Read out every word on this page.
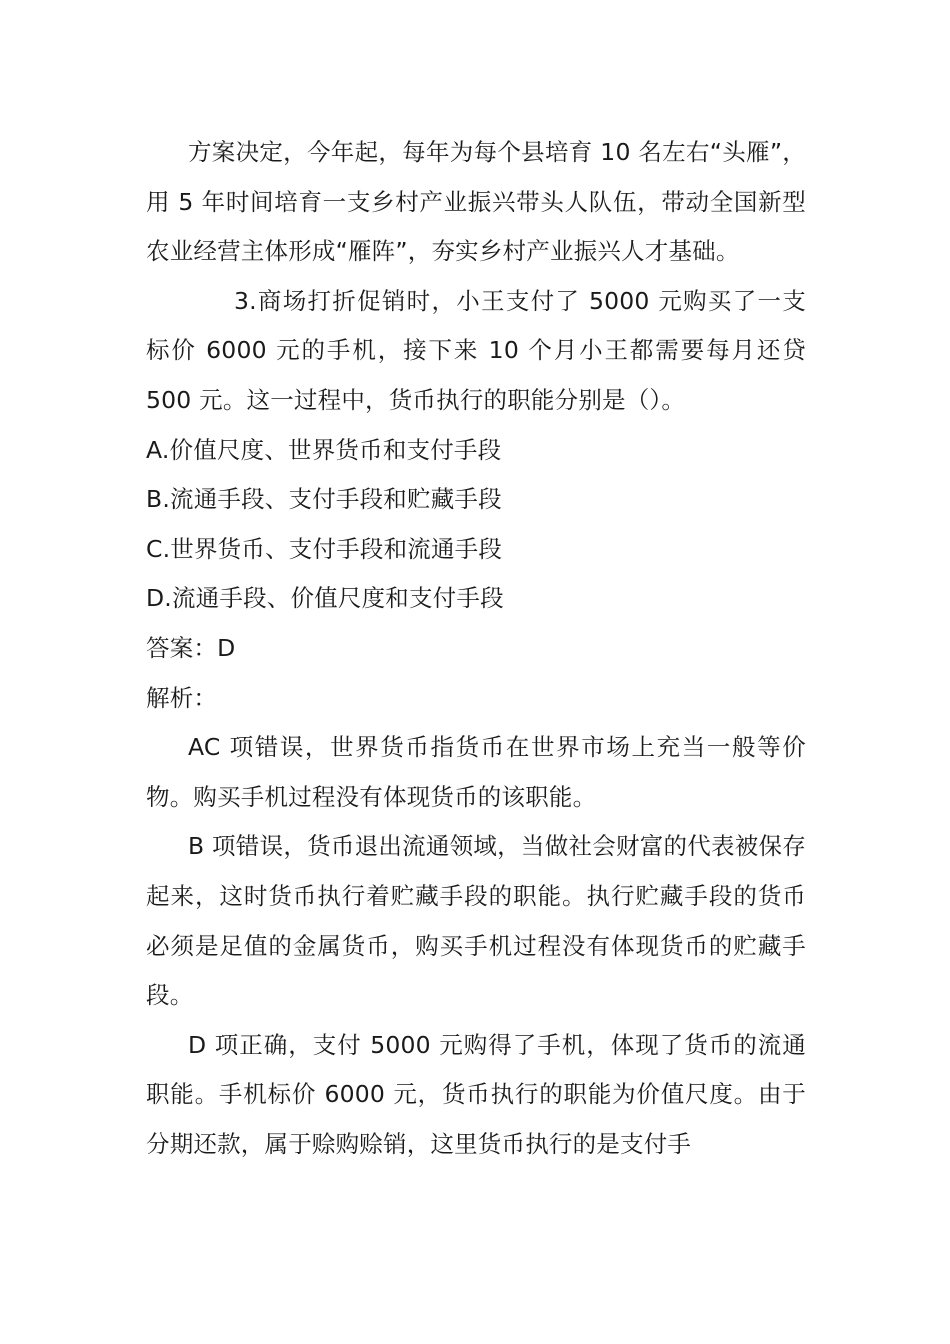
方案决定，今年起，每年为每个县培育 10 名左右“头雁”，用 5 年时间培育一支乡村产业振兴带头人队伍，带动全国新型农业经营主体形成“雁阵”，夯实乡村产业振兴人才基础。

3.商场打折促销时，小王支付了 5000 元购买了一支标价 6000 元的手机，接下来 10 个月小王都需要每月还贷 500 元。这一过程中，货币执行的职能分别是（）。

A.价值尺度、世界货币和支付手段

B.流通手段、支付手段和贮藏手段

C.世界货币、支付手段和流通手段

D.流通手段、价值尺度和支付手段

答案：D

解析：

AC 项错误，世界货币指货币在世界市场上充当一般等价物。购买手机过程没有体现货币的该职能。

B 项错误，货币退出流通领域，当做社会财富的代表被保存起来，这时货币执行着贮藏手段的职能。执行贮藏手段的货币必须是足值的金属货币，购买手机过程没有体现货币的贮藏手段。

D 项正确，支付 5000 元购得了手机，体现了货币的流通职能。手机标价 6000 元，货币执行的职能为价值尺度。由于分期还款，属于赊购赊销，这里货币执行的是支付手
